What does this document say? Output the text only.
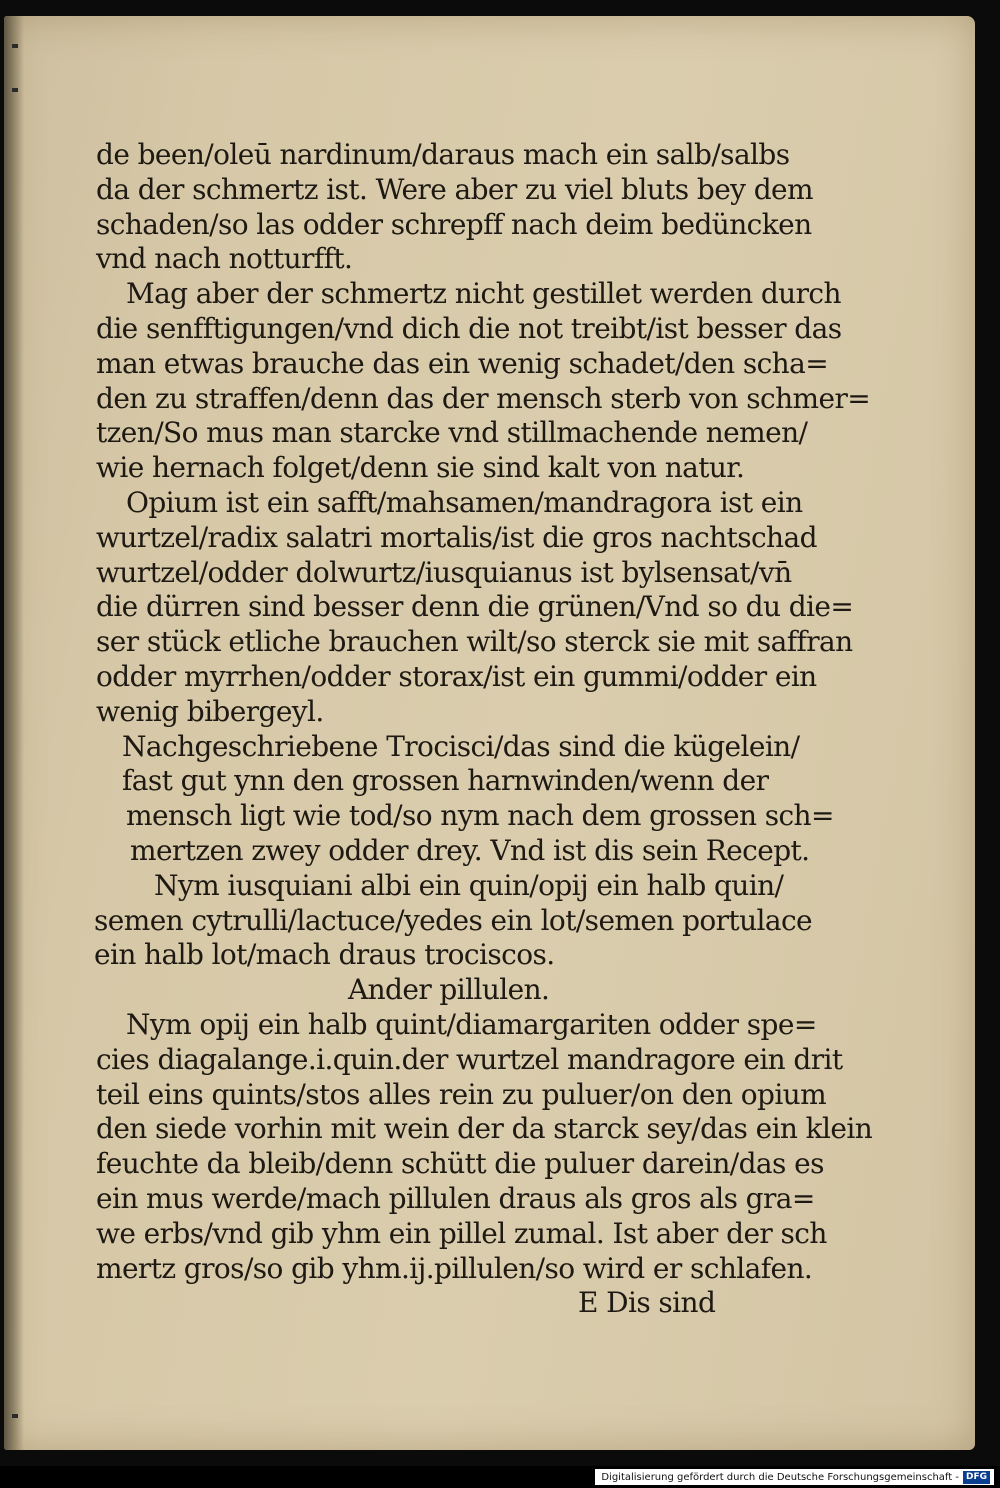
de been/oleū nardinum/daraus mach ein salb/salbs
da der schmertz ist. Were aber zu viel bluts bey dem
schaden/so las odder schrepff nach deim bedüncken
vnd nach notturfft.
Mag aber der schmertz nicht gestillet werden durch
die senfftigungen/vnd dich die not treibt/ist besser das
man etwas brauche das ein wenig schadet/den scha=
den zu straffen/denn das der mensch sterb von schmer=
tzen/So mus man starcke vnd stillmachende nemen/
wie hernach folget/denn sie sind kalt von natur.
Opium ist ein safft/mahsamen/mandragora ist ein
wurtzel/radix salatri mortalis/ist die gros nachtschad
wurtzel/odder dolwurtz/iusquianus ist bylsensat/vn̄
die dürren sind besser denn die grünen/Vnd so du die=
ser stück etliche brauchen wilt/so sterck sie mit saffran
odder myrrhen/odder storax/ist ein gummi/odder ein
wenig bibergeyl.
Nachgeschriebene Trocisci/das sind die kügelein/
fast gut ynn den grossen harnwinden/wenn der
mensch ligt wie tod/so nym nach dem grossen sch=
mertzen zwey odder drey. Vnd ist dis sein Recept.
Nym iusquiani albi ein quin/opij ein halb quin/
semen cytrulli/lactuce/yedes ein lot/semen portulace
ein halb lot/mach draus trociscos.
Ander pillulen.
Nym opij ein halb quint/diamargariten odder spe=
cies diagalange.i.quin.der wurtzel mandragore ein drit
teil eins quints/stos alles rein zu puluer/on den opium
den siede vorhin mit wein der da starck sey/das ein klein
feuchte da bleib/denn schütt die puluer darein/das es
ein mus werde/mach pillulen draus als gros als gra=
we erbs/vnd gib yhm ein pillel zumal. Ist aber der sch
mertz gros/so gib yhm.ij.pillulen/so wird er schlafen.
E Dis sind
Digitalisierung gefördert durch die Deutsche Forschungsgemeinschaft - DFG
